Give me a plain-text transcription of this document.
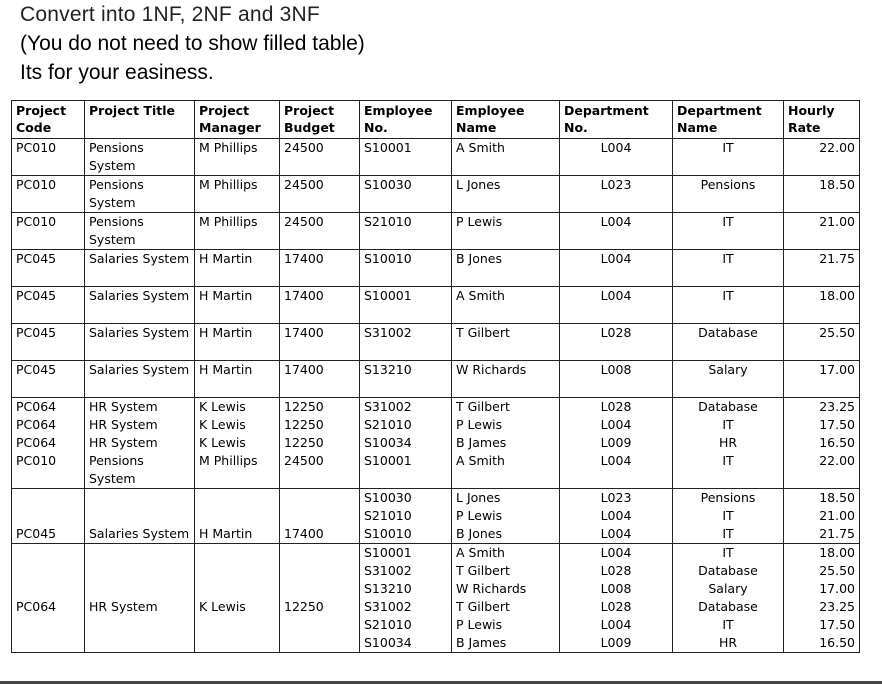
Convert into 1NF, 2NF and 3NF
(You do not need to show filled table)
Its for your easiness.
Project Code	Project Title	Project Manager	Project Budget	Employee No.	Employee Name	Department No.	Department Name	Hourly Rate
PC010	Pensions System	M Phillips	24500	S10001	A Smith	L004	IT	22.00
PC010	Pensions System	M Phillips	24500	S10030	L Jones	L023	Pensions	18.50
PC010	Pensions System	M Phillips	24500	S21010	P Lewis	L004	IT	21.00
PC045	Salaries System	H Martin	17400	S10010	B Jones	L004	IT	21.75
PC045	Salaries System	H Martin	17400	S10001	A Smith	L004	IT	18.00
PC045	Salaries System	H Martin	17400	S31002	T Gilbert	L028	Database	25.50
PC045	Salaries System	H Martin	17400	S13210	W Richards	L008	Salary	17.00
PC064	HR System	K Lewis	12250	S31002	T Gilbert	L028	Database	23.25
PC064	HR System	K Lewis	12250	S21010	P Lewis	L004	IT	17.50
PC064	HR System	K Lewis	12250	S10034	B James	L009	HR	16.50
PC010	Pensions System	M Phillips	24500	S10001	A Smith	L004	IT	22.00
				S10030	L Jones	L023	Pensions	18.50
				S21010	P Lewis	L004	IT	21.00
PC045	Salaries System	H Martin	17400	S10010	B Jones	L004	IT	21.75
				S10001	A Smith	L004	IT	18.00
				S31002	T Gilbert	L028	Database	25.50
				S13210	W Richards	L008	Salary	17.00
PC064	HR System	K Lewis	12250	S31002	T Gilbert	L028	Database	23.25
				S21010	P Lewis	L004	IT	17.50
				S10034	B James	L009	HR	16.50
